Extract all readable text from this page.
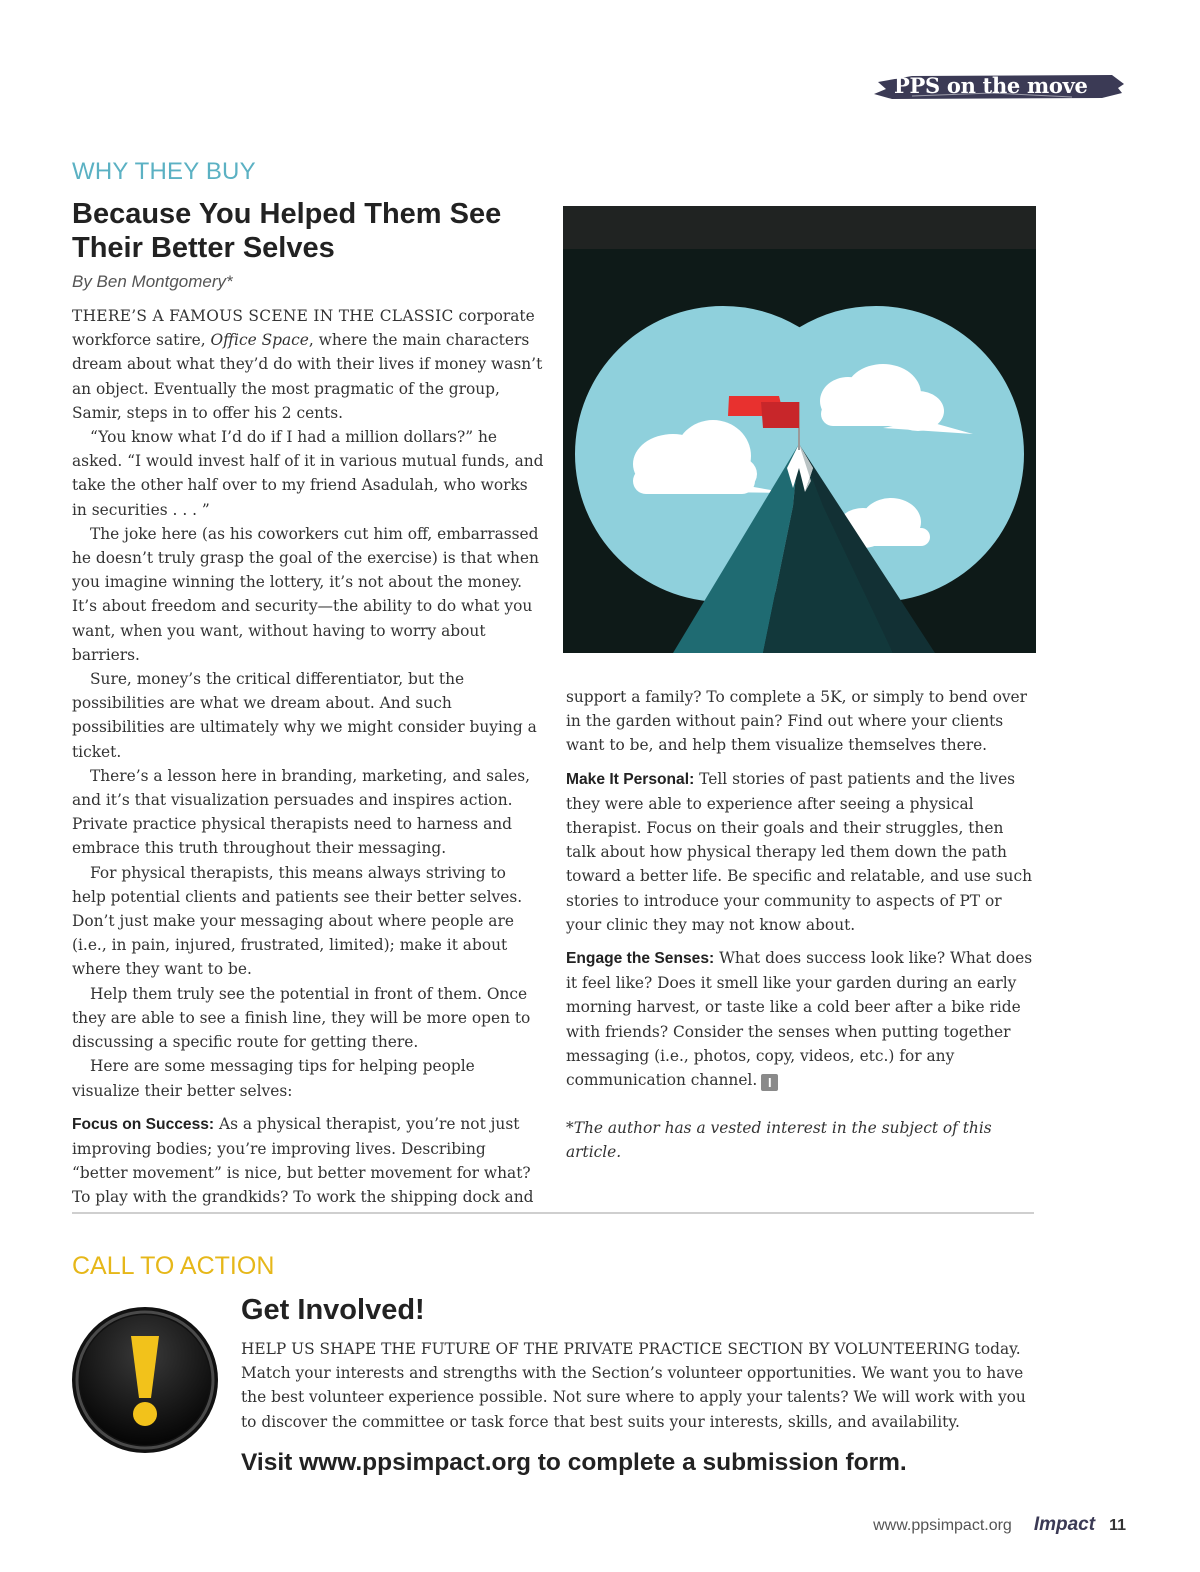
PPS on the move
WHY THEY BUY
Because You Helped Them See Their Better Selves
By Ben Montgomery*

THERE’S A FAMOUS SCENE IN THE CLASSIC corporate workforce satire, Office Space, where the main characters dream about what they’d do with their lives if money wasn’t an object. Eventually the most pragmatic of the group, Samir, steps in to offer his 2 cents.

“You know what I’d do if I had a million dollars?” he asked. “I would invest half of it in various mutual funds, and take the other half over to my friend Asadulah, who works in securities . . . ”

The joke here (as his coworkers cut him off, embarrassed he doesn’t truly grasp the goal of the exercise) is that when you imagine winning the lottery, it’s not about the money. It’s about freedom and security—the ability to do what you want, when you want, without having to worry about barriers.

Sure, money’s the critical differentiator, but the possibilities are what we dream about. And such possibilities are ultimately why we might consider buying a ticket.

There’s a lesson here in branding, marketing, and sales, and it’s that visualization persuades and inspires action. Private practice physical therapists need to harness and embrace this truth throughout their messaging.

For physical therapists, this means always striving to help potential clients and patients see their better selves. Don’t just make your messaging about where people are (i.e., in pain, injured, frustrated, limited); make it about where they want to be.

Help them truly see the potential in front of them. Once they are able to see a finish line, they will be more open to discussing a specific route for getting there.

Here are some messaging tips for helping people visualize their better selves:

Focus on Success: As a physical therapist, you’re not just improving bodies; you’re improving lives. Describing “better movement” is nice, but better movement for what? To play with the grandkids? To work the shipping dock and

support a family? To complete a 5K, or simply to bend over in the garden without pain? Find out where your clients want to be, and help them visualize themselves there.

Make It Personal: Tell stories of past patients and the lives they were able to experience after seeing a physical therapist. Focus on their goals and their struggles, then talk about how physical therapy led them down the path toward a better life. Be specific and relatable, and use such stories to introduce your community to aspects of PT or your clinic they may not know about.

Engage the Senses: What does success look like? What does it feel like? Does it smell like your garden during an early morning harvest, or taste like a cold beer after a bike ride with friends? Consider the senses when putting together messaging (i.e., photos, copy, videos, etc.) for any communication channel. I

*The author has a vested interest in the subject of this article.

CALL TO ACTION
Get Involved!

HELP US SHAPE THE FUTURE OF THE PRIVATE PRACTICE SECTION BY VOLUNTEERING today. Match your interests and strengths with the Section’s volunteer opportunities. We want you to have the best volunteer experience possible. Not sure where to apply your talents? We will work with you to discover the committee or task force that best suits your interests, skills, and availability.

Visit www.ppsimpact.org to complete a submission form.

www.ppsimpact.org Impact 11
